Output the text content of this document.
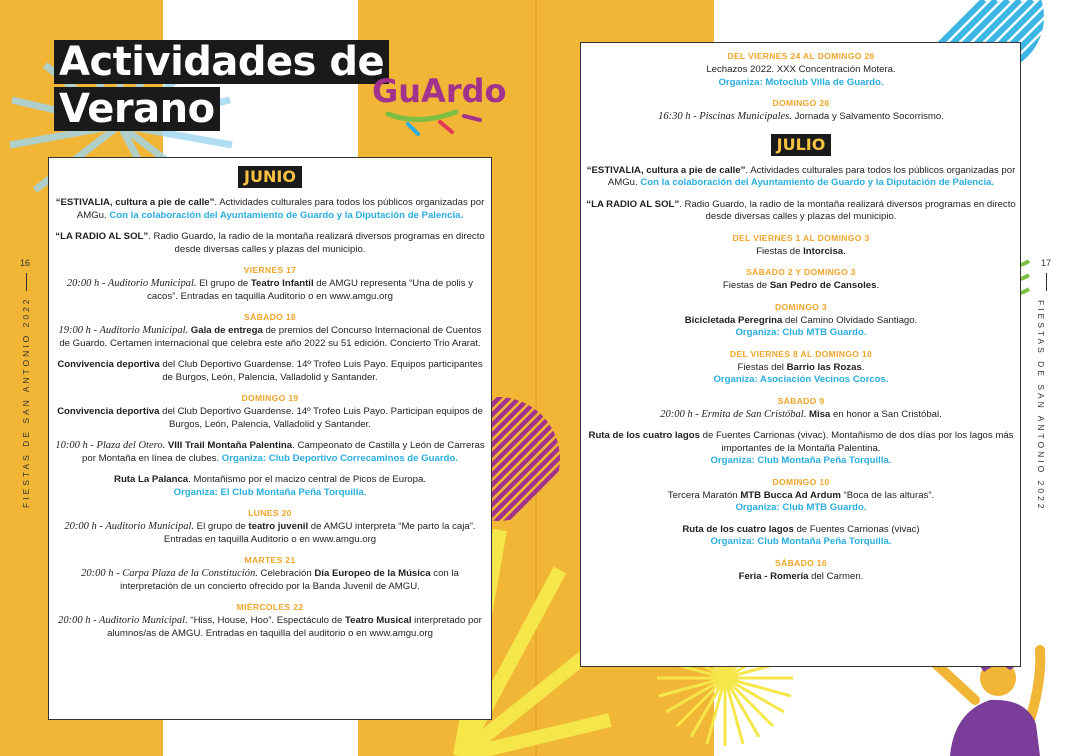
Actividades de
Verano	GuArdo
16
FIESTAS DE SAN ANTONIO 2022
17
FIESTAS DE SAN ANTONIO 2022
JUNIO
“ESTIVALIA, cultura a pie de calle”. Actividades culturales para todos los públicos organizadas por AMGu. Con la colaboración del Ayuntamiento de Guardo y la Diputación de Palencia.
“LA RADIO AL SOL”. Radio Guardo, la radio de la montaña realizará diversos programas en directo desde diversas calles y plazas del municipio.
VIERNES 17
20:00 h - Auditorio Municipal. El grupo de Teatro Infantil de AMGU representa “Una de polis y cacos”. Entradas en taquilla Auditorio o en www.amgu.org
SÁBADO 18
19:00 h - Auditorio Municipal. Gala de entrega de premios del Concurso Internacional de Cuentos de Guardo. Certamen internacional que celebra este año 2022 su 51 edición. Concierto Trio Ararat.
Convivencia deportiva del Club Deportivo Guardense. 14º Trofeo Luis Payo. Equipos participantes de Burgos, León, Palencia, Valladolid y Santander.
DOMINGO 19
Convivencia deportiva del Club Deportivo Guardense. 14º Trofeo Luis Payo. Participan equipos de Burgos, León, Palencia, Valladolid y Santander.
10:00 h - Plaza del Otero. VIII Trail Montaña Palentina. Campeonato de Castilla y León de Carreras por Montaña en línea de clubes. Organiza: Club Deportivo Correcaminos de Guardo.
Ruta La Palanca. Montañismo por el macizo central de Picos de Europa.
Organiza: El Club Montaña Peña Torquilla.
LUNES 20
20:00 h - Auditorio Municipal. El grupo de teatro juvenil de AMGU interpreta “Me parto la caja”. Entradas en taquilla Auditorio o en www.amgu.org
MARTES 21
20:00 h - Carpa Plaza de la Constitución. Celebración Día Europeo de la Música con la interpretación de un concierto ofrecido por la Banda Juvenil de AMGU.
MIÉRCOLES 22
20:00 h - Auditorio Municipal. “Hiss, House, Hoo”. Espectáculo de Teatro Musical interpretado por alumnos/as de AMGU. Entradas en taquilla del auditorio o en www.amgu.org
DEL VIERNES 24 AL DOMINGO 26
Lechazos 2022. XXX Concentración Motera.
Organiza: Motoclub Villa de Guardo.
DOMINGO 26
16:30 h - Piscinas Municipales. Jornada y Salvamento Socorrismo.
JULIO
“ESTIVALIA, cultura a pie de calle”. Actividades culturales para todos los públicos organizadas por AMGu. Con la colaboración del Ayuntamiento de Guardo y la Diputación de Palencia.
“LA RADIO AL SOL”. Radio Guardo, la radio de la montaña realizará diversos programas en directo desde diversas calles y plazas del municipio.
DEL VIERNES 1 AL DOMINGO 3
Fiestas de Intorcisa.
SÁBADO 2 Y DOMINGO 3
Fiestas de San Pedro de Cansoles.
DOMINGO 3
Bicicletada Peregrina del Camino Olvidado Santiago.
Organiza: Club MTB Guardo.
DEL VIERNES 8 AL DOMINGO 10
Fiestas del Barrio las Rozas.
Organiza: Asociación Vecinos Corcos.
SÁBADO 9
20:00 h - Ermita de San Cristóbal. Misa en honor a San Cristóbal.
Ruta de los cuatro lagos de Fuentes Carrionas (vivac). Montañismo de dos días por los lagos más importantes de la Montaña Palentina.
Organiza: Club Montaña Peña Torquilla.
DOMINGO 10
Tercera Maratón MTB Bucca Ad Ardum “Boca de las alturas”.
Organiza: Club MTB Guardo.
Ruta de los cuatro lagos de Fuentes Carrionas (vivac)
Organiza: Club Montaña Peña Torquilla.
SÁBADO 16
Feria - Romería del Carmen.
